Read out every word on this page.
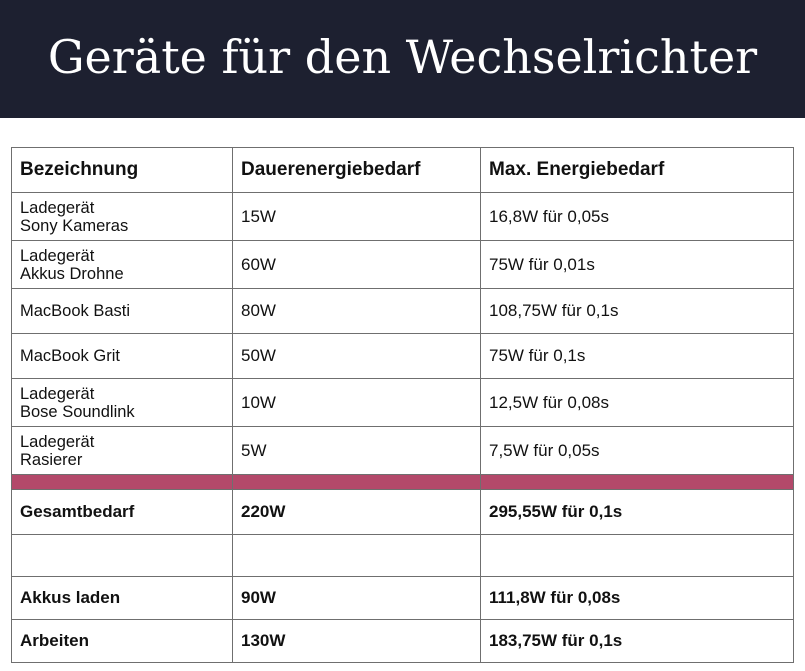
Geräte für den Wechselrichter
Bezeichnung	Dauerenergiebedarf	Max. Energiebedarf
Ladegerät
Sony Kameras	15W	16,8W für 0,05s
Ladegerät
Akkus Drohne	60W	75W für 0,01s
MacBook Basti	80W	108,75W für 0,1s
MacBook Grit	50W	75W für 0,1s
Ladegerät
Bose Soundlink	10W	12,5W für 0,08s
Ladegerät
Rasierer	5W	7,5W für 0,05s

Gesamtbedarf	220W	295,55W für 0,1s

Akkus laden	90W	111,8W für 0,08s
Arbeiten	130W	183,75W für 0,1s
